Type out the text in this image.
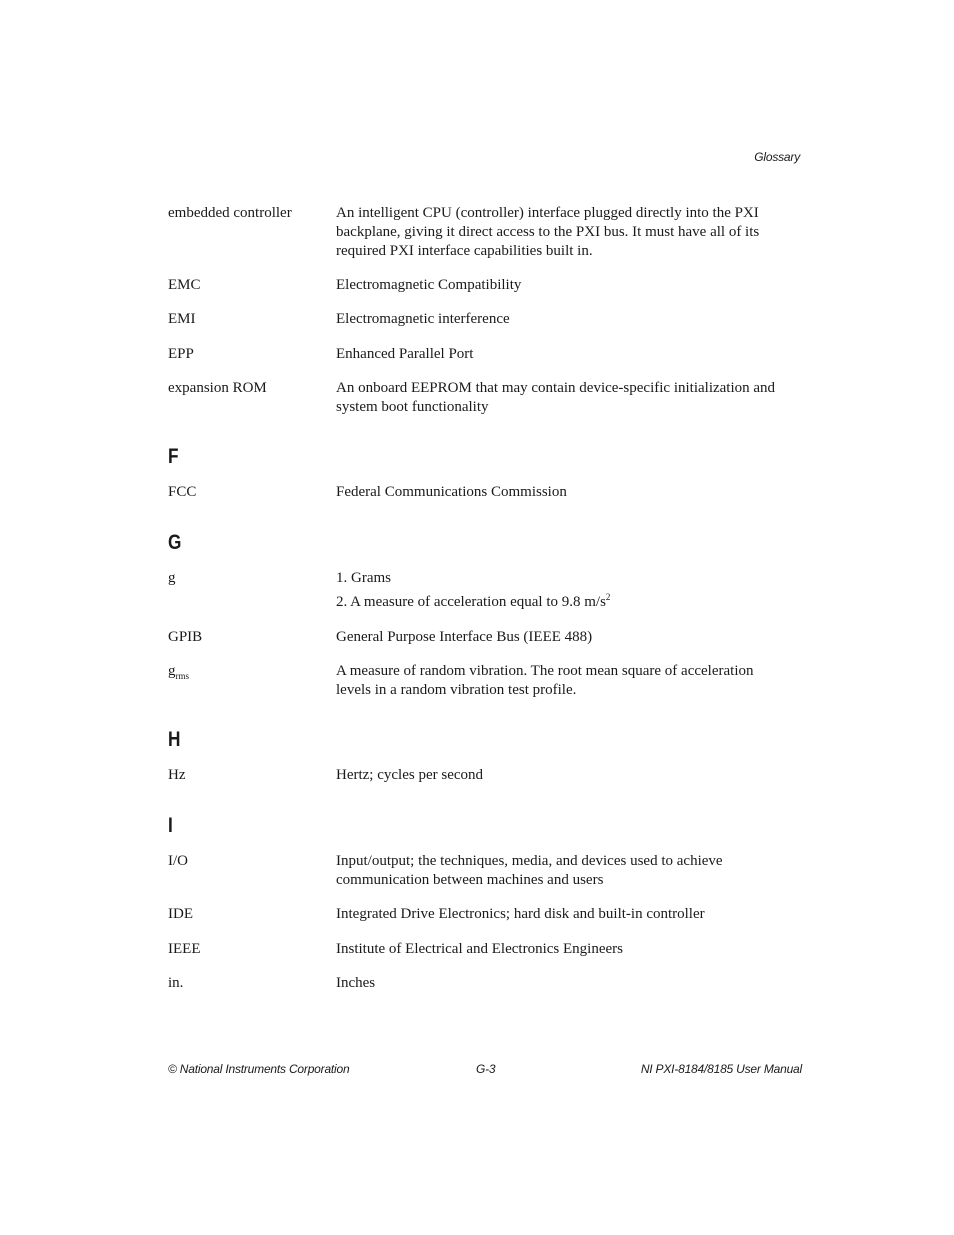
Glossary
embedded controller	An intelligent CPU (controller) interface plugged directly into the PXI
backplane, giving it direct access to the PXI bus. It must have all of its
required PXI interface capabilities built in.
EMC	Electromagnetic Compatibility
EMI	Electromagnetic interference
EPP	Enhanced Parallel Port
expansion ROM	An onboard EEPROM that may contain device-specific initialization and
system boot functionality
F
FCC	Federal Communications Commission
G
g	1. Grams
2. A measure of acceleration equal to 9.8 $m/s^2$
GPIB	General Purpose Interface Bus (IEEE 488)
$g_{rms}$	A measure of random vibration. The root mean square of acceleration
levels in a random vibration test profile.
H
Hz	Hertz; cycles per second
I
I/O	Input/output; the techniques, media, and devices used to achieve
communication between machines and users
IDE	Integrated Drive Electronics; hard disk and built-in controller
IEEE	Institute of Electrical and Electronics Engineers
in.	Inches
© National Instruments Corporation	G-3	NI PXI-8184/8185 User Manual
